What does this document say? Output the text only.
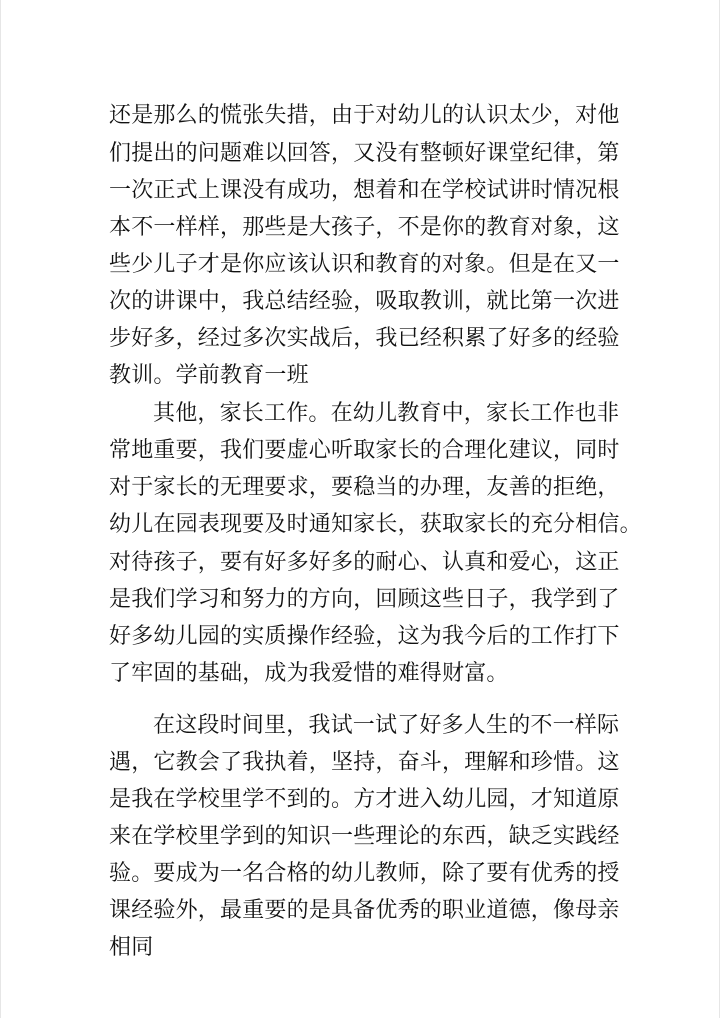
还是那么的慌张失措，由于对幼儿的认识太少，对他

们提出的问题难以回答，又没有整顿好课堂纪律，第

一次正式上课没有成功，想着和在学校试讲时情况根

本不一样样，那些是大孩子，不是你的教育对象，这

些少儿子才是你应该认识和教育的对象。但是在又一

次的讲课中，我总结经验，吸取教训，就比第一次进

步好多，经过多次实战后，我已经积累了好多的经验

教训。学前教育一班

其他，家长工作。在幼儿教育中，家长工作也非

常地重要，我们要虚心听取家长的合理化建议，同时

对于家长的无理要求，要稳当的办理，友善的拒绝，

幼儿在园表现要及时通知家长，获取家长的充分相信。

对待孩子，要有好多好多的耐心、认真和爱心，这正

是我们学习和努力的方向，回顾这些日子，我学到了

好多幼儿园的实质操作经验，这为我今后的工作打下

了牢固的基础，成为我爱惜的难得财富。

在这段时间里，我试一试了好多人生的不一样际

遇，它教会了我执着，坚持，奋斗，理解和珍惜。这

是我在学校里学不到的。方才进入幼儿园，才知道原

来在学校里学到的知识一些理论的东西，缺乏实践经

验。要成为一名合格的幼儿教师，除了要有优秀的授

课经验外，最重要的是具备优秀的职业道德，像母亲

相同
